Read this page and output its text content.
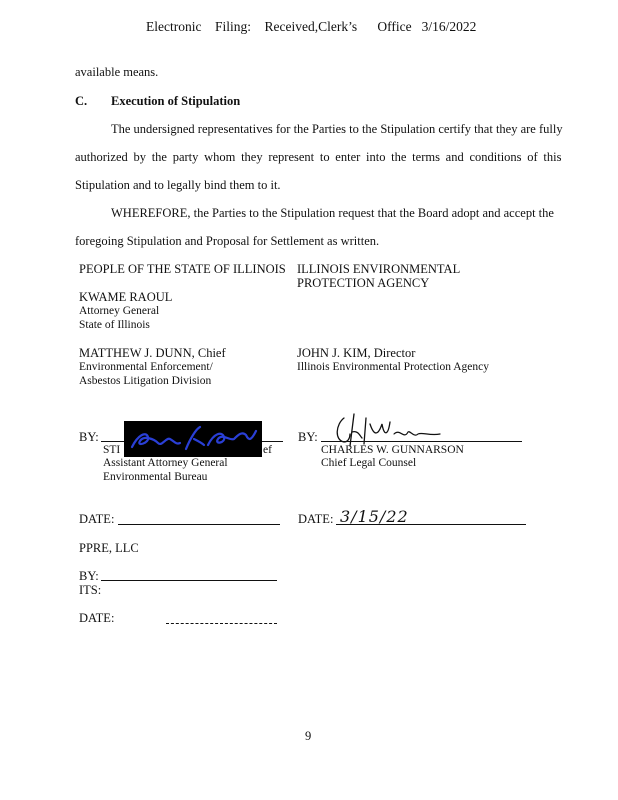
Electronic    Filing:    Received,Clerk’s      Office   3/16/2022
available means.
C. Execution of Stipulation
The undersigned representatives for the Parties to the Stipulation certify that they are fully
authorized by the party whom they represent to enter into the terms and conditions of this
Stipulation and to legally bind them to it.
WHEREFORE, the Parties to the Stipulation request that the Board adopt and accept the
foregoing Stipulation and Proposal for Settlement as written.
PEOPLE OF THE STATE OF ILLINOIS
KWAME RAOUL
Attorney General
State of Illinois
MATTHEW J. DUNN, Chief
Environmental Enforcement/
Asbestos Litigation Division
ILLINOIS ENVIRONMENTAL
PROTECTION AGENCY
JOHN J. KIM, Director
Illinois Environmental Protection Agency
BY:
STI	ef
Assistant Attorney General
Environmental Bureau
BY:
CHARLES W. GUNNARSON
Chief Legal Counsel
DATE:	DATE: 3/15/22
PPRE, LLC
BY:
ITS:
DATE:
9
